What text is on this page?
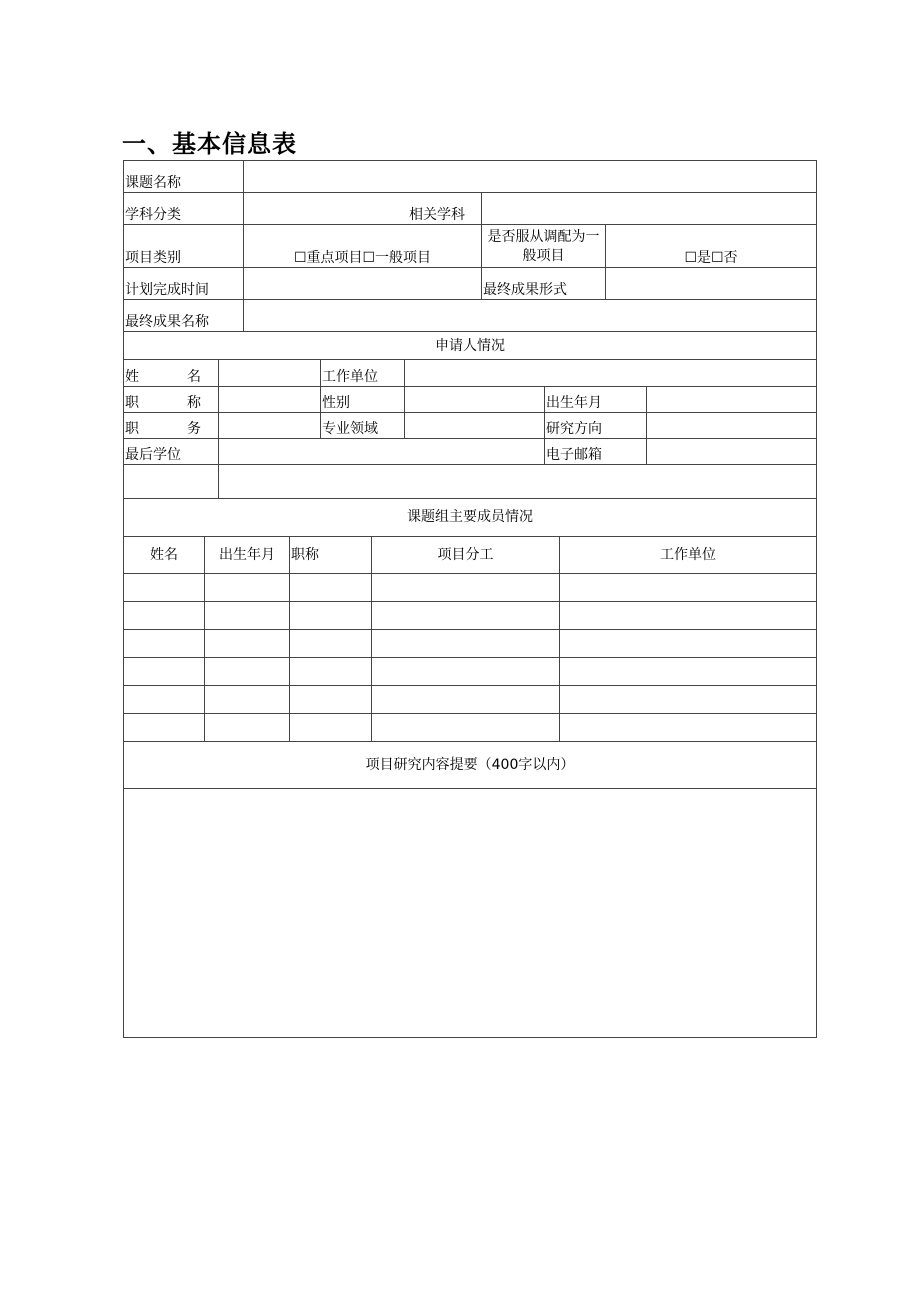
一、基本信息表
课题名称			
学科分类	相关学科		
项目类别	☐重点项目☐一般项目	是否服从调配为一般项目	☐是☐否
计划完成时间		最终成果形式	
最终成果名称			
申请人情况			
姓 名		工作单位			
职 称		性别		出生年月	
职 务		专业领域		研究方向	
最后学位				电子邮箱	

课题组主要成员情况					
姓名	出生年月	职称	项目分工	工作单位

项目研究内容提要（400字以内）				
